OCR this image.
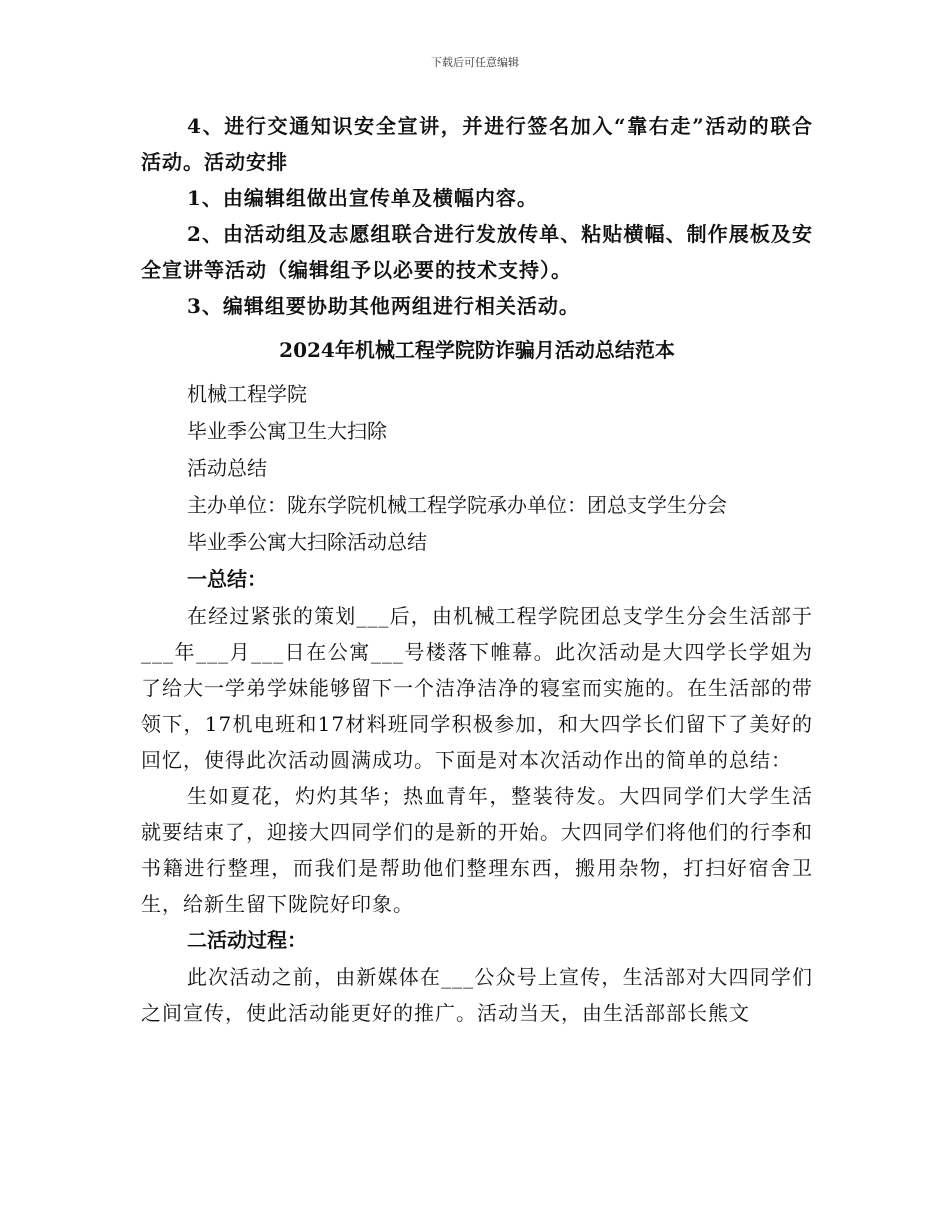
下载后可任意编辑

4、进行交通知识安全宣讲，并进行签名加入“靠右走”活动的联合活动。活动安排

1、由编辑组做出宣传单及横幅内容。

2、由活动组及志愿组联合进行发放传单、粘贴横幅、制作展板及安全宣讲等活动（编辑组予以必要的技术支持）。

3、编辑组要协助其他两组进行相关活动。

2024年机械工程学院防诈骗月活动总结范本

机械工程学院

毕业季公寓卫生大扫除

活动总结

主办单位：陇东学院机械工程学院承办单位：团总支学生分会

毕业季公寓大扫除活动总结

一总结：

在经过紧张的策划___后，由机械工程学院团总支学生分会生活部于___年___月___日在公寓___号楼落下帷幕。此次活动是大四学长学姐为了给大一学弟学妹能够留下一个洁净洁净的寝室而实施的。在生活部的带领下，17机电班和17材料班同学积极参加，和大四学长们留下了美好的回忆，使得此次活动圆满成功。下面是对本次活动作出的简单的总结：

生如夏花，灼灼其华；热血青年，整装待发。大四同学们大学生活就要结束了，迎接大四同学们的是新的开始。大四同学们将他们的行李和书籍进行整理，而我们是帮助他们整理东西，搬用杂物，打扫好宿舍卫生，给新生留下陇院好印象。

二活动过程：

此次活动之前，由新媒体在___公众号上宣传，生活部对大四同学们之间宣传，使此活动能更好的推广。活动当天，由生活部部长熊文
